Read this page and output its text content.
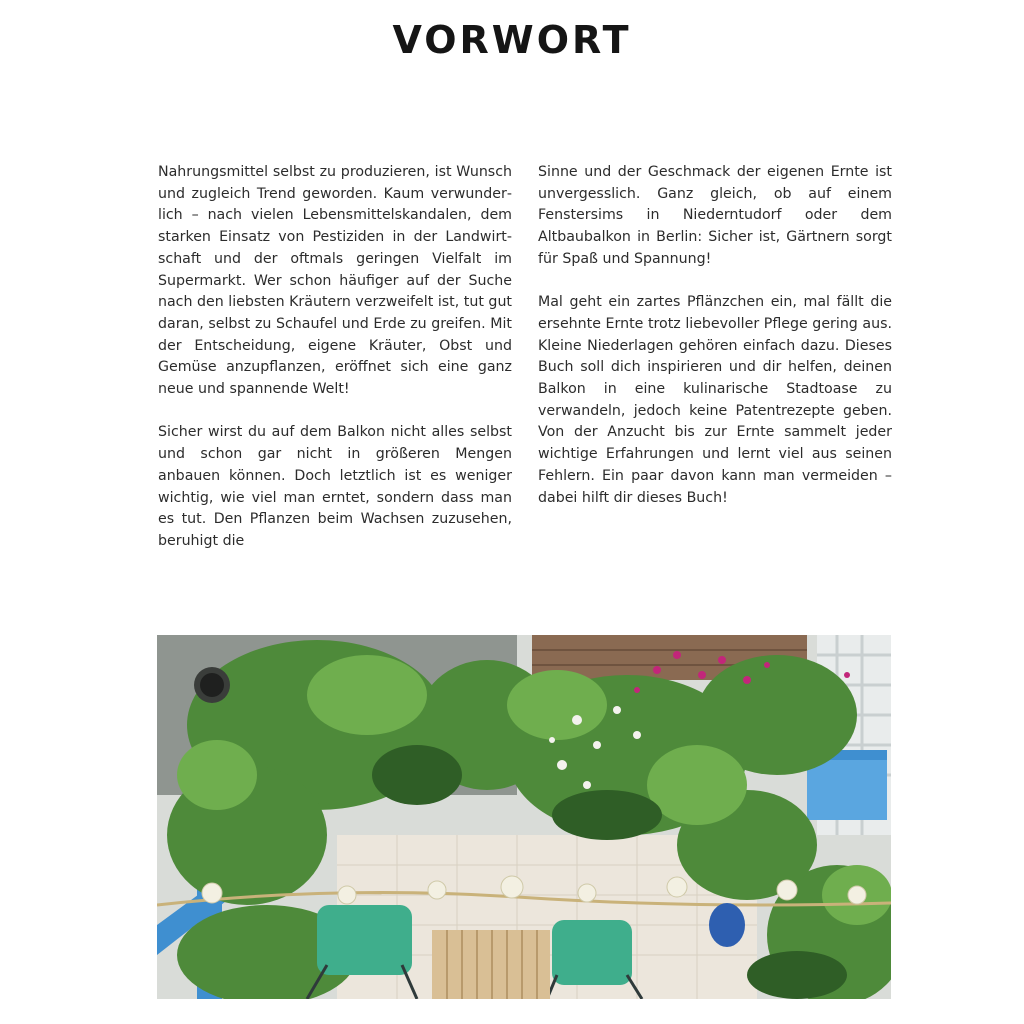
VORWORT

Nahrungsmittel selbst zu produzieren, ist Wunsch und zugleich Trend geworden. Kaum verwunderlich – nach vielen Lebensmittelskandalen, dem starken Einsatz von Pestiziden in der Landwirtschaft und der oftmals geringen Vielfalt im Supermarkt. Wer schon häufiger auf der Suche nach den liebsten Kräutern verzweifelt ist, tut gut daran, selbst zu Schaufel und Erde zu greifen. Mit der Entscheidung, eigene Kräuter, Obst und Gemüse anzupflanzen, eröffnet sich eine ganz neue und spannende Welt!

Sicher wirst du auf dem Balkon nicht alles selbst und schon gar nicht in größeren Mengen anbauen können. Doch letztlich ist es weniger wichtig, wie viel man erntet, sondern dass man es tut. Den Pflanzen beim Wachsen zuzusehen, beruhigt die

Sinne und der Geschmack der eigenen Ernte ist unvergesslich. Ganz gleich, ob auf einem Fenstersims in Niederntudorf oder dem Altbaubalkon in Berlin: Sicher ist, Gärtnern sorgt für Spaß und Spannung!

Mal geht ein zartes Pflänzchen ein, mal fällt die ersehnte Ernte trotz liebevoller Pflege gering aus. Kleine Niederlagen gehören einfach dazu. Dieses Buch soll dich inspirieren und dir helfen, deinen Balkon in eine kulinarische Stadtoase zu verwandeln, jedoch keine Patentrezepte geben. Von der Anzucht bis zur Ernte sammelt jeder wichtige Erfahrungen und lernt viel aus seinen Fehlern. Ein paar davon kann man vermeiden – dabei hilft dir dieses Buch!
